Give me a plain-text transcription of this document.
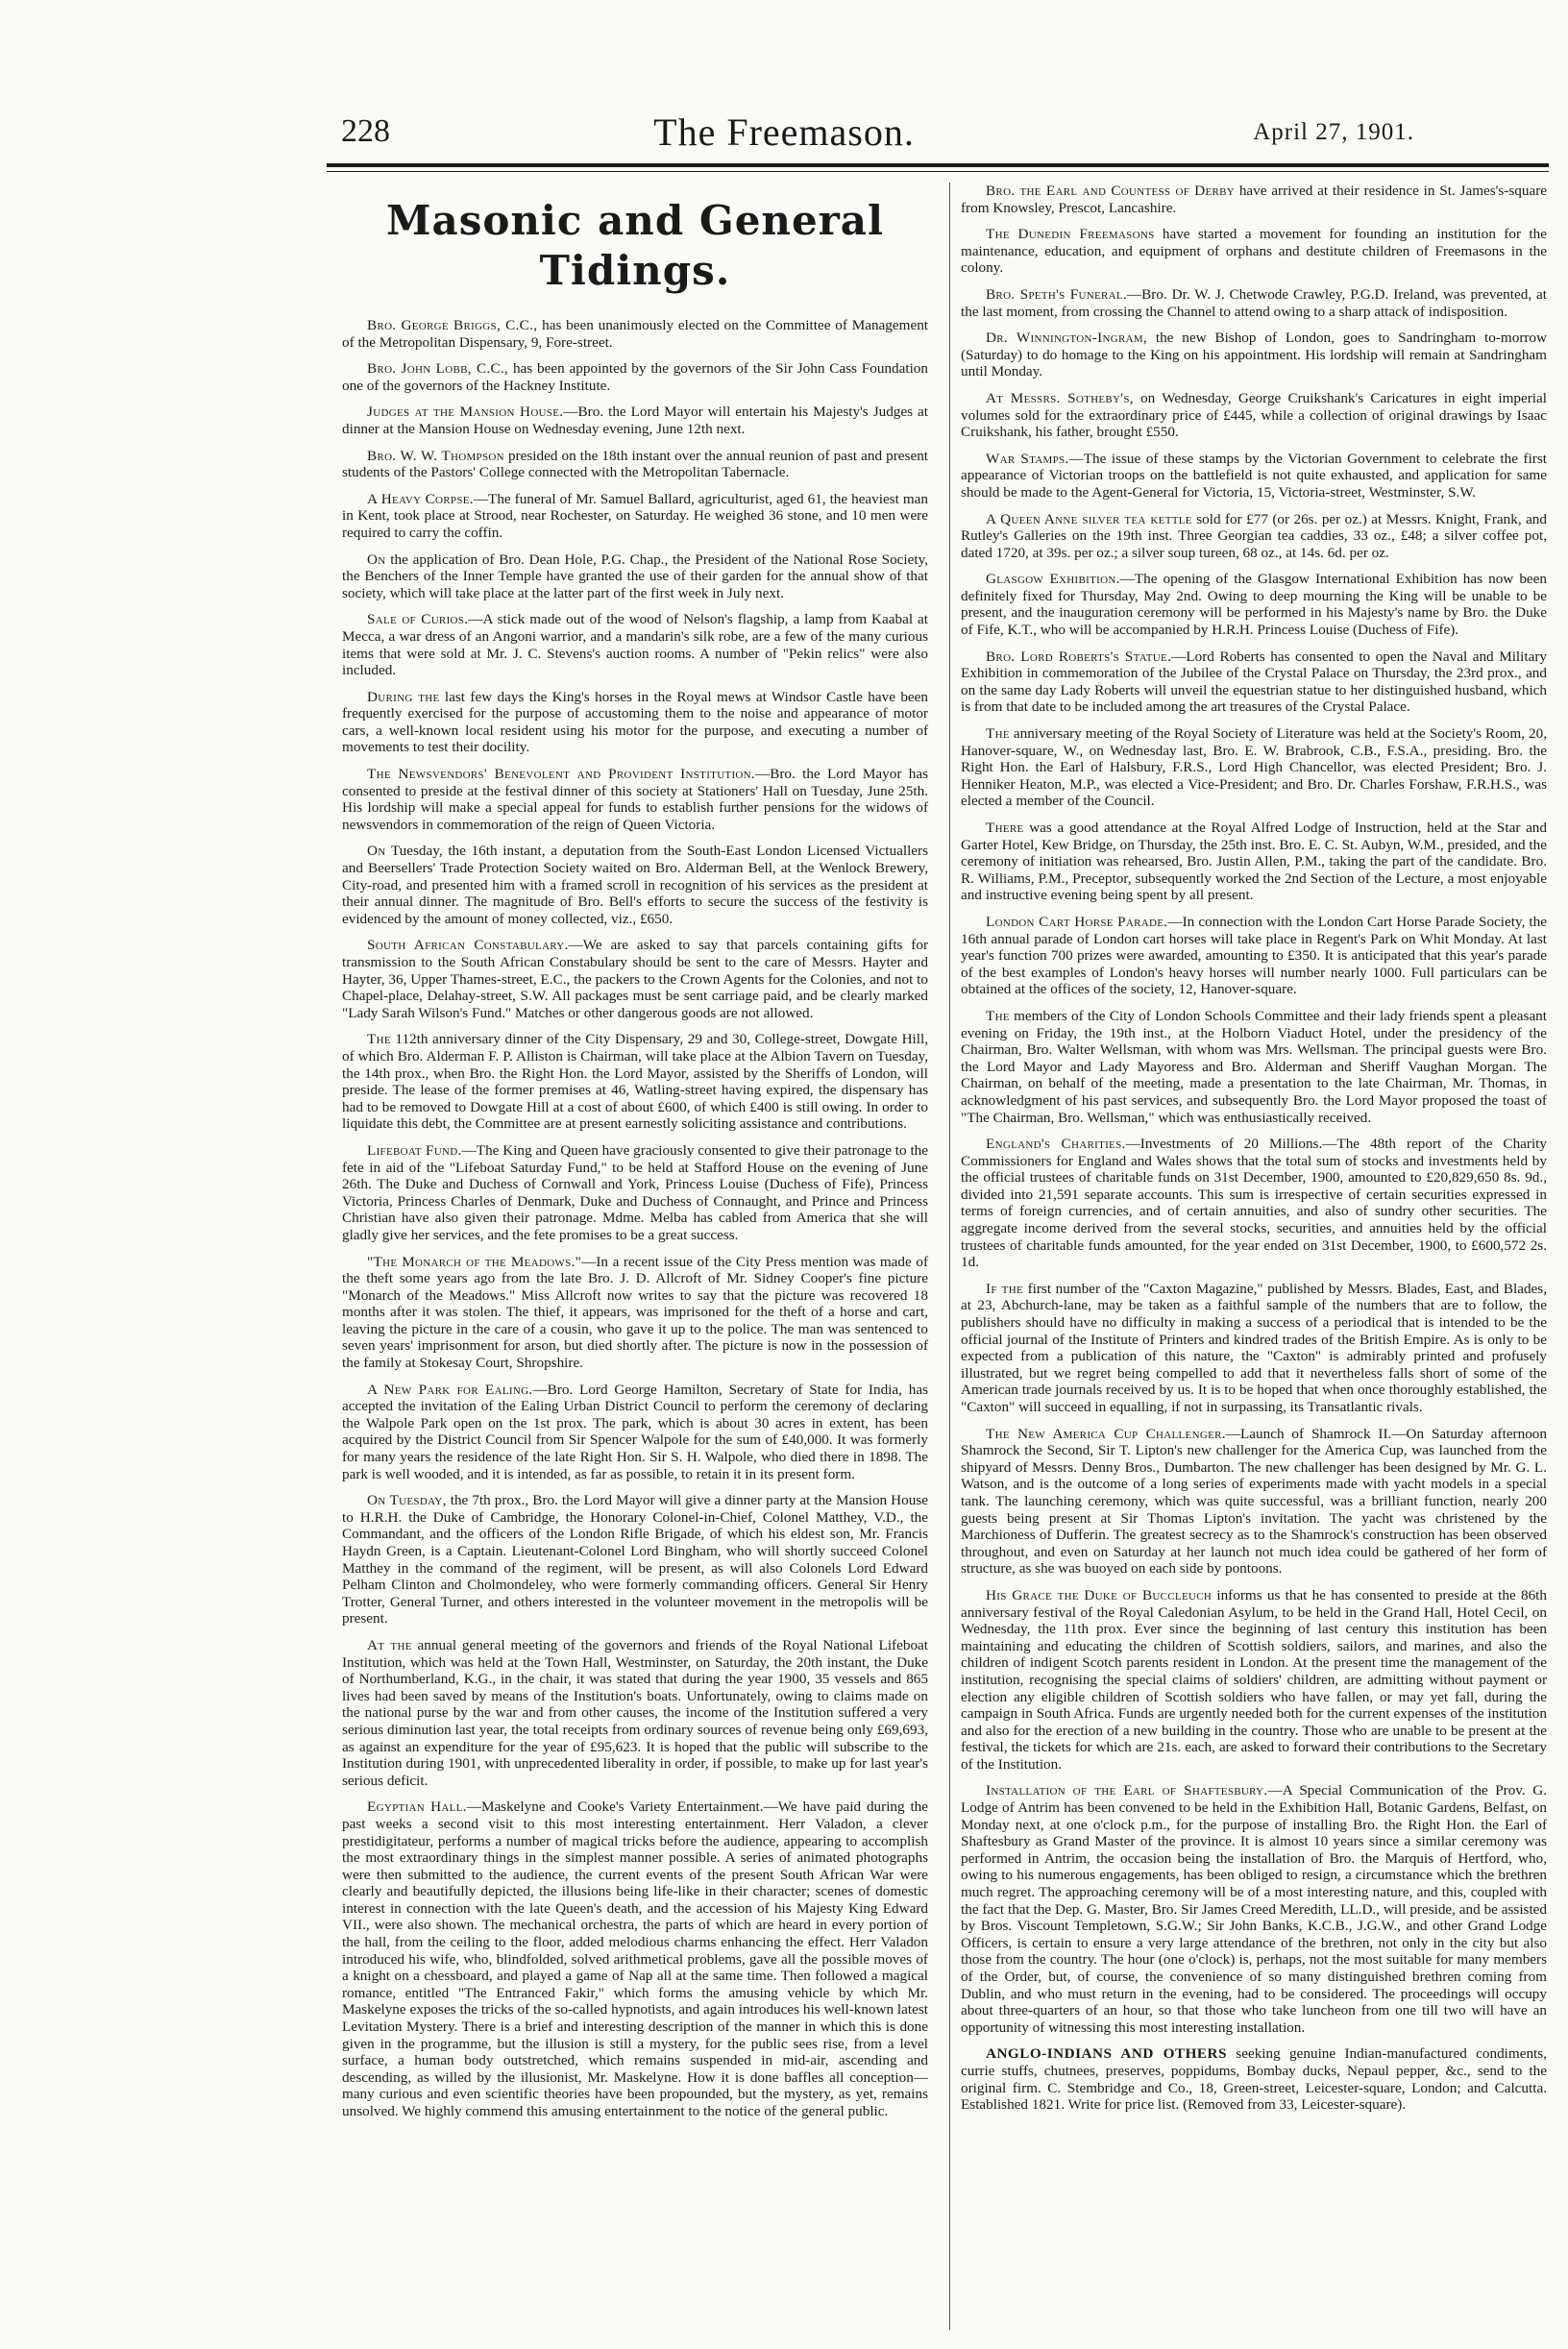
228	The Freemason.	April 27, 1901.
Masonic and General Tidings.

Bro. George Briggs, C.C., has been unanimously elected on the Committee of Management of the Metropolitan Dispensary, 9, Fore-street.

Bro. John Lobb, C.C., has been appointed by the governors of the Sir John Cass Foundation one of the governors of the Hackney Institute.

Judges at the Mansion House.—Bro. the Lord Mayor will entertain his Majesty's Judges at dinner at the Mansion House on Wednesday evening, June 12th next.

Bro. W. W. Thompson presided on the 18th instant over the annual reunion of past and present students of the Pastors' College connected with the Metropolitan Tabernacle.

A Heavy Corpse.—The funeral of Mr. Samuel Ballard, agriculturist, aged 61, the heaviest man in Kent, took place at Strood, near Rochester, on Saturday. He weighed 36 stone, and 10 men were required to carry the coffin.

On the application of Bro. Dean Hole, P.G. Chap., the President of the National Rose Society, the Benchers of the Inner Temple have granted the use of their garden for the annual show of that society, which will take place at the latter part of the first week in July next.

Sale of Curios.—A stick made out of the wood of Nelson's flagship, a lamp from Kaabal at Mecca, a war dress of an Angoni warrior, and a mandarin's silk robe, are a few of the many curious items that were sold at Mr. J. C. Stevens's auction rooms. A number of "Pekin relics" were also included.

During the last few days the King's horses in the Royal mews at Windsor Castle have been frequently exercised for the purpose of accustoming them to the noise and appearance of motor cars, a well-known local resident using his motor for the purpose, and executing a number of movements to test their docility.

The Newsvendors' Benevolent and Provident Institution.—Bro. the Lord Mayor has consented to preside at the festival dinner of this society at Stationers' Hall on Tuesday, June 25th. His lordship will make a special appeal for funds to establish further pensions for the widows of newsvendors in commemoration of the reign of Queen Victoria.

On Tuesday, the 16th instant, a deputation from the South-East London Licensed Victuallers and Beersellers' Trade Protection Society waited on Bro. Alderman Bell, at the Wenlock Brewery, City-road, and presented him with a framed scroll in recognition of his services as the president at their annual dinner. The magnitude of Bro. Bell's efforts to secure the success of the festivity is evidenced by the amount of money collected, viz., £650.

South African Constabulary.—We are asked to say that parcels containing gifts for transmission to the South African Constabulary should be sent to the care of Messrs. Hayter and Hayter, 36, Upper Thames-street, E.C., the packers to the Crown Agents for the Colonies, and not to Chapel-place, Delahay-street, S.W. All packages must be sent carriage paid, and be clearly marked "Lady Sarah Wilson's Fund." Matches or other dangerous goods are not allowed.

The 112th anniversary dinner of the City Dispensary, 29 and 30, College-street, Dowgate Hill, of which Bro. Alderman F. P. Alliston is Chairman, will take place at the Albion Tavern on Tuesday, the 14th prox., when Bro. the Right Hon. the Lord Mayor, assisted by the Sheriffs of London, will preside. The lease of the former premises at 46, Watling-street having expired, the dispensary has had to be removed to Dowgate Hill at a cost of about £600, of which £400 is still owing. In order to liquidate this debt, the Committee are at present earnestly soliciting assistance and contributions.

Lifeboat Fund.—The King and Queen have graciously consented to give their patronage to the fete in aid of the "Lifeboat Saturday Fund," to be held at Stafford House on the evening of June 26th. The Duke and Duchess of Cornwall and York, Princess Louise (Duchess of Fife), Princess Victoria, Princess Charles of Denmark, Duke and Duchess of Connaught, and Prince and Princess Christian have also given their patronage. Mdme. Melba has cabled from America that she will gladly give her services, and the fete promises to be a great success.

"The Monarch of the Meadows."—In a recent issue of the City Press mention was made of the theft some years ago from the late Bro. J. D. Allcroft of Mr. Sidney Cooper's fine picture "Monarch of the Meadows." Miss Allcroft now writes to say that the picture was recovered 18 months after it was stolen. The thief, it appears, was imprisoned for the theft of a horse and cart, leaving the picture in the care of a cousin, who gave it up to the police. The man was sentenced to seven years' imprisonment for arson, but died shortly after. The picture is now in the possession of the family at Stokesay Court, Shropshire.

A New Park for Ealing.—Bro. Lord George Hamilton, Secretary of State for India, has accepted the invitation of the Ealing Urban District Council to perform the ceremony of declaring the Walpole Park open on the 1st prox. The park, which is about 30 acres in extent, has been acquired by the District Council from Sir Spencer Walpole for the sum of £40,000. It was formerly for many years the residence of the late Right Hon. Sir S. H. Walpole, who died there in 1898. The park is well wooded, and it is intended, as far as possible, to retain it in its present form.

On Tuesday, the 7th prox., Bro. the Lord Mayor will give a dinner party at the Mansion House to H.R.H. the Duke of Cambridge, the Honorary Colonel-in-Chief, Colonel Matthey, V.D., the Commandant, and the officers of the London Rifle Brigade, of which his eldest son, Mr. Francis Haydn Green, is a Captain. Lieutenant-Colonel Lord Bingham, who will shortly succeed Colonel Matthey in the command of the regiment, will be present, as will also Colonels Lord Edward Pelham Clinton and Cholmondeley, who were formerly commanding officers. General Sir Henry Trotter, General Turner, and others interested in the volunteer movement in the metropolis will be present.

At the annual general meeting of the governors and friends of the Royal National Lifeboat Institution, which was held at the Town Hall, Westminster, on Saturday, the 20th instant, the Duke of Northumberland, K.G., in the chair, it was stated that during the year 1900, 35 vessels and 865 lives had been saved by means of the Institution's boats. Unfortunately, owing to claims made on the national purse by the war and from other causes, the income of the Institution suffered a very serious diminution last year, the total receipts from ordinary sources of revenue being only £69,693, as against an expenditure for the year of £95,623. It is hoped that the public will subscribe to the Institution during 1901, with unprecedented liberality in order, if possible, to make up for last year's serious deficit.

Egyptian Hall.—Maskelyne and Cooke's Variety Entertainment.—We have paid during the past weeks a second visit to this most interesting entertainment. Herr Valadon, a clever prestidigitateur, performs a number of magical tricks before the audience, appearing to accomplish the most extraordinary things in the simplest manner possible. A series of animated photographs were then submitted to the audience, the current events of the present South African War were clearly and beautifully depicted, the illusions being life-like in their character; scenes of domestic interest in connection with the late Queen's death, and the accession of his Majesty King Edward VII., were also shown. The mechanical orchestra, the parts of which are heard in every portion of the hall, from the ceiling to the floor, added melodious charms enhancing the effect. Herr Valadon introduced his wife, who, blindfolded, solved arithmetical problems, gave all the possible moves of a knight on a chessboard, and played a game of Nap all at the same time. Then followed a magical romance, entitled "The Entranced Fakir," which forms the amusing vehicle by which Mr. Maskelyne exposes the tricks of the so-called hypnotists, and again introduces his well-known latest Levitation Mystery. There is a brief and interesting description of the manner in which this is done given in the programme, but the illusion is still a mystery, for the public sees rise, from a level surface, a human body outstretched, which remains suspended in mid-air, ascending and descending, as willed by the illusionist, Mr. Maskelyne. How it is done baffles all conception—many curious and even scientific theories have been propounded, but the mystery, as yet, remains unsolved. We highly commend this amusing entertainment to the notice of the general public.

Bro. the Earl and Countess of Derby have arrived at their residence in St. James's-square from Knowsley, Prescot, Lancashire.

The Dunedin Freemasons have started a movement for founding an institution for the maintenance, education, and equipment of orphans and destitute children of Freemasons in the colony.

Bro. Speth's Funeral.—Bro. Dr. W. J. Chetwode Crawley, P.G.D. Ireland, was prevented, at the last moment, from crossing the Channel to attend owing to a sharp attack of indisposition.

Dr. Winnington-Ingram, the new Bishop of London, goes to Sandringham to-morrow (Saturday) to do homage to the King on his appointment. His lordship will remain at Sandringham until Monday.

At Messrs. Sotheby's, on Wednesday, George Cruikshank's Caricatures in eight imperial volumes sold for the extraordinary price of £445, while a collection of original drawings by Isaac Cruikshank, his father, brought £550.

War Stamps.—The issue of these stamps by the Victorian Government to celebrate the first appearance of Victorian troops on the battlefield is not quite exhausted, and application for same should be made to the Agent-General for Victoria, 15, Victoria-street, Westminster, S.W.

A Queen Anne silver tea kettle sold for £77 (or 26s. per oz.) at Messrs. Knight, Frank, and Rutley's Galleries on the 19th inst. Three Georgian tea caddies, 33 oz., £48; a silver coffee pot, dated 1720, at 39s. per oz.; a silver soup tureen, 68 oz., at 14s. 6d. per oz.

Glasgow Exhibition.—The opening of the Glasgow International Exhibition has now been definitely fixed for Thursday, May 2nd. Owing to deep mourning the King will be unable to be present, and the inauguration ceremony will be performed in his Majesty's name by Bro. the Duke of Fife, K.T., who will be accompanied by H.R.H. Princess Louise (Duchess of Fife).

Bro. Lord Roberts's Statue.—Lord Roberts has consented to open the Naval and Military Exhibition in commemoration of the Jubilee of the Crystal Palace on Thursday, the 23rd prox., and on the same day Lady Roberts will unveil the equestrian statue to her distinguished husband, which is from that date to be included among the art treasures of the Crystal Palace.

The anniversary meeting of the Royal Society of Literature was held at the Society's Room, 20, Hanover-square, W., on Wednesday last, Bro. E. W. Brabrook, C.B., F.S.A., presiding. Bro. the Right Hon. the Earl of Halsbury, F.R.S., Lord High Chancellor, was elected President; Bro. J. Henniker Heaton, M.P., was elected a Vice-President; and Bro. Dr. Charles Forshaw, F.R.H.S., was elected a member of the Council.

There was a good attendance at the Royal Alfred Lodge of Instruction, held at the Star and Garter Hotel, Kew Bridge, on Thursday, the 25th inst. Bro. E. C. St. Aubyn, W.M., presided, and the ceremony of initiation was rehearsed, Bro. Justin Allen, P.M., taking the part of the candidate. Bro. R. Williams, P.M., Preceptor, subsequently worked the 2nd Section of the Lecture, a most enjoyable and instructive evening being spent by all present.

London Cart Horse Parade.—In connection with the London Cart Horse Parade Society, the 16th annual parade of London cart horses will take place in Regent's Park on Whit Monday. At last year's function 700 prizes were awarded, amounting to £350. It is anticipated that this year's parade of the best examples of London's heavy horses will number nearly 1000. Full particulars can be obtained at the offices of the society, 12, Hanover-square.

The members of the City of London Schools Committee and their lady friends spent a pleasant evening on Friday, the 19th inst., at the Holborn Viaduct Hotel, under the presidency of the Chairman, Bro. Walter Wellsman, with whom was Mrs. Wellsman. The principal guests were Bro. the Lord Mayor and Lady Mayoress and Bro. Alderman and Sheriff Vaughan Morgan. The Chairman, on behalf of the meeting, made a presentation to the late Chairman, Mr. Thomas, in acknowledgment of his past services, and subsequently Bro. the Lord Mayor proposed the toast of "The Chairman, Bro. Wellsman," which was enthusiastically received.

England's Charities.—Investments of 20 Millions.—The 48th report of the Charity Commissioners for England and Wales shows that the total sum of stocks and investments held by the official trustees of charitable funds on 31st December, 1900, amounted to £20,829,650 8s. 9d., divided into 21,591 separate accounts. This sum is irrespective of certain securities expressed in terms of foreign currencies, and of certain annuities, and also of sundry other securities. The aggregate income derived from the several stocks, securities, and annuities held by the official trustees of charitable funds amounted, for the year ended on 31st December, 1900, to £600,572 2s. 1d.

If the first number of the "Caxton Magazine," published by Messrs. Blades, East, and Blades, at 23, Abchurch-lane, may be taken as a faithful sample of the numbers that are to follow, the publishers should have no difficulty in making a success of a periodical that is intended to be the official journal of the Institute of Printers and kindred trades of the British Empire. As is only to be expected from a publication of this nature, the "Caxton" is admirably printed and profusely illustrated, but we regret being compelled to add that it nevertheless falls short of some of the American trade journals received by us. It is to be hoped that when once thoroughly established, the "Caxton" will succeed in equalling, if not in surpassing, its Transatlantic rivals.

The New America Cup Challenger.—Launch of Shamrock II.—On Saturday afternoon Shamrock the Second, Sir T. Lipton's new challenger for the America Cup, was launched from the shipyard of Messrs. Denny Bros., Dumbarton. The new challenger has been designed by Mr. G. L. Watson, and is the outcome of a long series of experiments made with yacht models in a special tank. The launching ceremony, which was quite successful, was a brilliant function, nearly 200 guests being present at Sir Thomas Lipton's invitation. The yacht was christened by the Marchioness of Dufferin. The greatest secrecy as to the Shamrock's construction has been observed throughout, and even on Saturday at her launch not much idea could be gathered of her form of structure, as she was buoyed on each side by pontoons.

His Grace the Duke of Buccleuch informs us that he has consented to preside at the 86th anniversary festival of the Royal Caledonian Asylum, to be held in the Grand Hall, Hotel Cecil, on Wednesday, the 11th prox. Ever since the beginning of last century this institution has been maintaining and educating the children of Scottish soldiers, sailors, and marines, and also the children of indigent Scotch parents resident in London. At the present time the management of the institution, recognising the special claims of soldiers' children, are admitting without payment or election any eligible children of Scottish soldiers who have fallen, or may yet fall, during the campaign in South Africa. Funds are urgently needed both for the current expenses of the institution and also for the erection of a new building in the country. Those who are unable to be present at the festival, the tickets for which are 21s. each, are asked to forward their contributions to the Secretary of the Institution.

Installation of the Earl of Shaftesbury.—A Special Communication of the Prov. G. Lodge of Antrim has been convened to be held in the Exhibition Hall, Botanic Gardens, Belfast, on Monday next, at one o'clock p.m., for the purpose of installing Bro. the Right Hon. the Earl of Shaftesbury as Grand Master of the province. It is almost 10 years since a similar ceremony was performed in Antrim, the occasion being the installation of Bro. the Marquis of Hertford, who, owing to his numerous engagements, has been obliged to resign, a circumstance which the brethren much regret. The approaching ceremony will be of a most interesting nature, and this, coupled with the fact that the Dep. G. Master, Bro. Sir James Creed Meredith, LL.D., will preside, and be assisted by Bros. Viscount Templetown, S.G.W.; Sir John Banks, K.C.B., J.G.W., and other Grand Lodge Officers, is certain to ensure a very large attendance of the brethren, not only in the city but also those from the country. The hour (one o'clock) is, perhaps, not the most suitable for many members of the Order, but, of course, the convenience of so many distinguished brethren coming from Dublin, and who must return in the evening, had to be considered. The proceedings will occupy about three-quarters of an hour, so that those who take luncheon from one till two will have an opportunity of witnessing this most interesting installation.

ANGLO-INDIANS AND OTHERS seeking genuine Indian-manufactured condiments, currie stuffs, chutnees, preserves, poppidums, Bombay ducks, Nepaul pepper, &c., send to the original firm. C. Stembridge and Co., 18, Green-street, Leicester-square, London; and Calcutta. Established 1821. Write for price list. (Removed from 33, Leicester-square).
